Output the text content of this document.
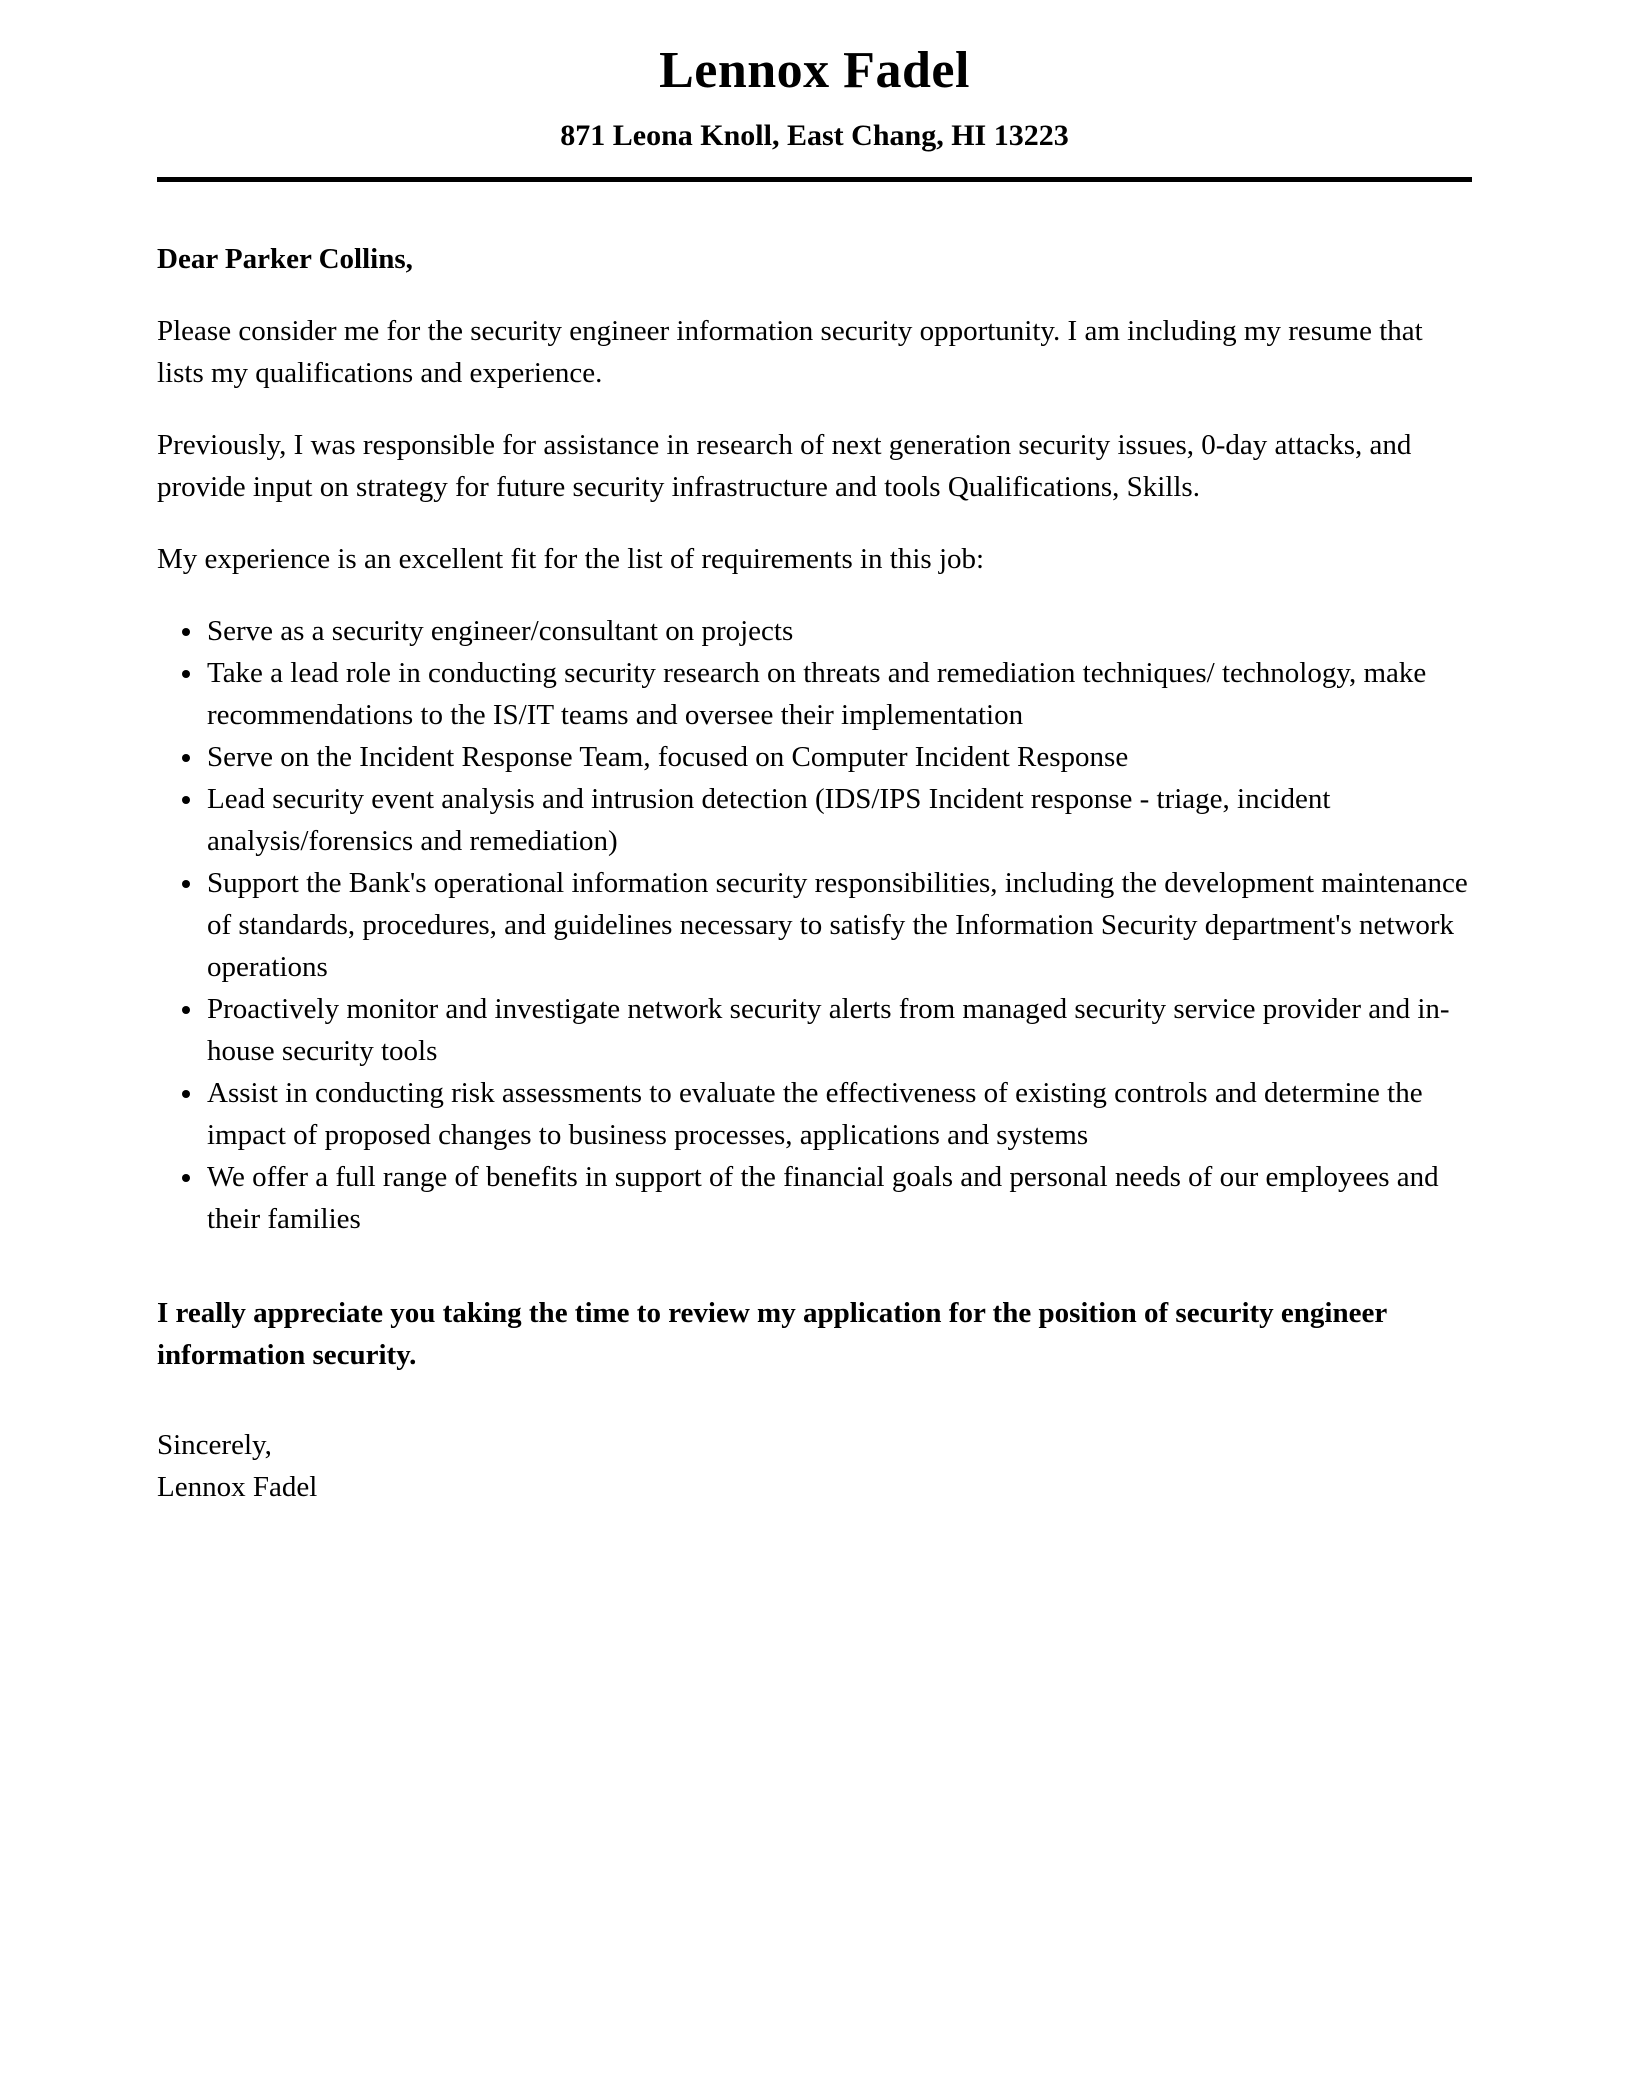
Lennox Fadel
871 Leona Knoll, East Chang, HI 13223

Dear Parker Collins,

Please consider me for the security engineer information security opportunity. I am including my resume that lists my qualifications and experience.

Previously, I was responsible for assistance in research of next generation security issues, 0-day attacks, and provide input on strategy for future security infrastructure and tools Qualifications, Skills.

My experience is an excellent fit for the list of requirements in this job:

• Serve as a security engineer/consultant on projects
• Take a lead role in conducting security research on threats and remediation techniques/ technology, make recommendations to the IS/IT teams and oversee their implementation
• Serve on the Incident Response Team, focused on Computer Incident Response
• Lead security event analysis and intrusion detection (IDS/IPS Incident response - triage, incident analysis/forensics and remediation)
• Support the Bank's operational information security responsibilities, including the development maintenance of standards, procedures, and guidelines necessary to satisfy the Information Security department's network operations
• Proactively monitor and investigate network security alerts from managed security service provider and in-house security tools
• Assist in conducting risk assessments to evaluate the effectiveness of existing controls and determine the impact of proposed changes to business processes, applications and systems
• We offer a full range of benefits in support of the financial goals and personal needs of our employees and their families

I really appreciate you taking the time to review my application for the position of security engineer information security.

Sincerely,
Lennox Fadel
